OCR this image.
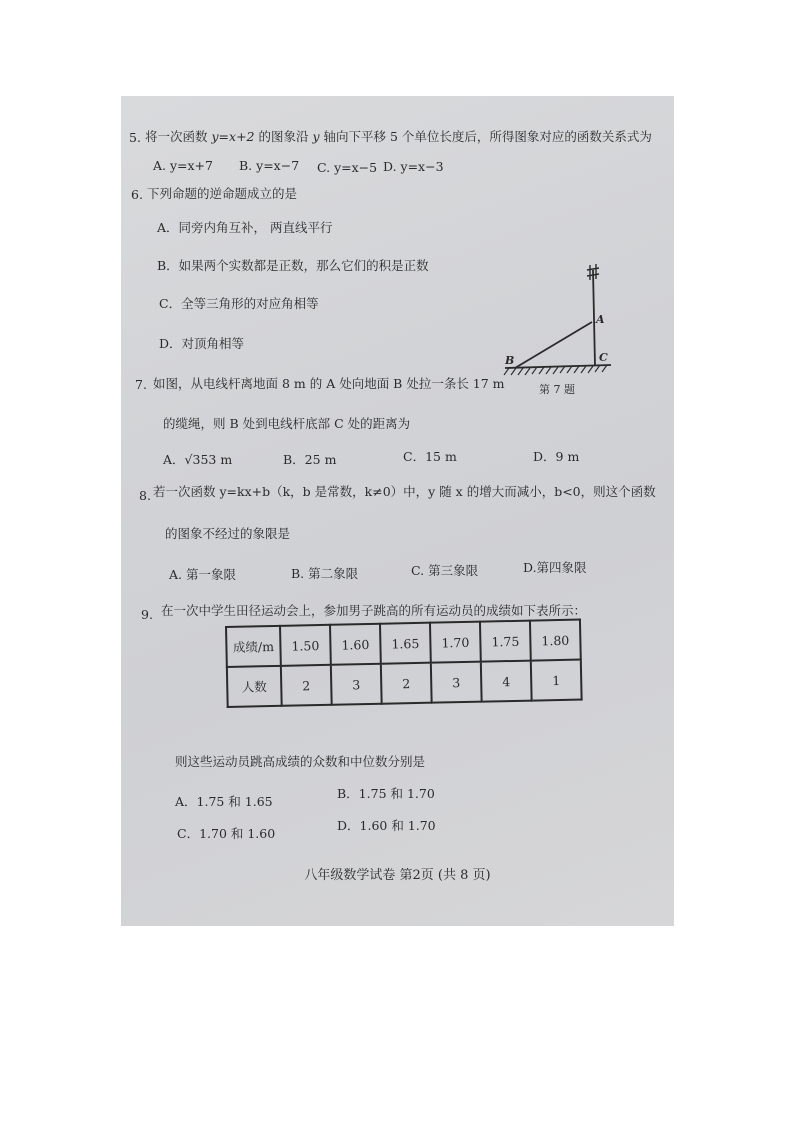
5. 将一次函数 y=x+2 的图象沿 y 轴向下平移 5 个单位长度后，所得图象对应的函数关系式为
A. y=x+7 B. y=x−7 C. y=x−5 D. y=x−3
6. 下列命题的逆命题成立的是
A．同旁内角互补， 两直线平行
B．如果两个实数都是正数，那么它们的积是正数
C．全等三角形的对应角相等
D．对顶角相等
A
B	C
第 7 题
7. 如图，从电线杆离地面 8 m 的 A 处向地面 B 处拉一条长 17 m
的缆绳，则 B 处到电线杆底部 C 处的距离为
A．√353 m	B．25 m	C．15 m	D．9 m
8. 若一次函数 y=kx+b（k，b 是常数，k≠0）中，y 随 x 的增大而减小，b<0，则这个函数
的图象不经过的象限是
A. 第一象限	B. 第二象限	C. 第三象限	D.第四象限
9. 在一次中学生田径运动会上，参加男子跳高的所有运动员的成绩如下表所示：
成绩/m	1.50	1.60	1.65	1.70	1.75	1.80
人数	2	3	2	3	4	1
则这些运动员跳高成绩的众数和中位数分别是
A．1.75 和 1.65
B．1.75 和 1.70
C．1.70 和 1.60
D．1.60 和 1.70
八年级数学试卷 第2页 (共 8 页)
